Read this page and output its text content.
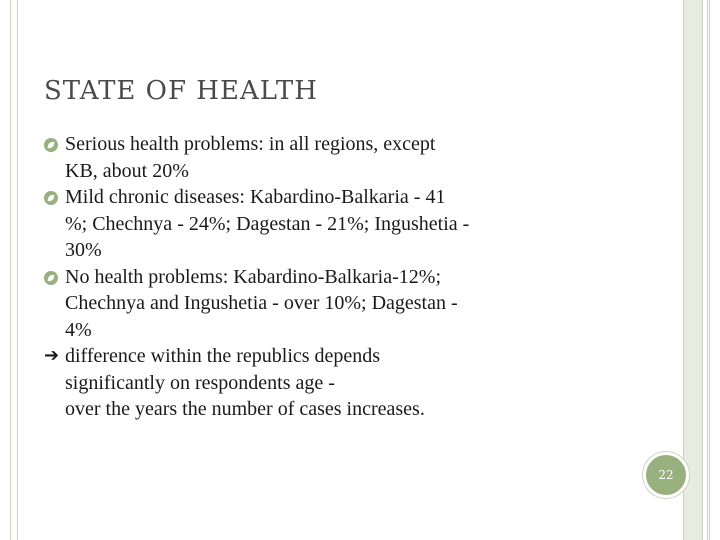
STATE OF HEALTH
Serious health problems: in all regions, except
KB, about 20%
Mild chronic diseases: Kabardino-Balkaria - 41
%; Chechnya - 24%; Dagestan - 21%; Ingushetia -
30%
No health problems: Kabardino-Balkaria-12%;
Chechnya and Ingushetia - over 10%; Dagestan -
4%
➔ difference within the republics depends
significantly on respondents age -
over the years the number of cases increases.
22
